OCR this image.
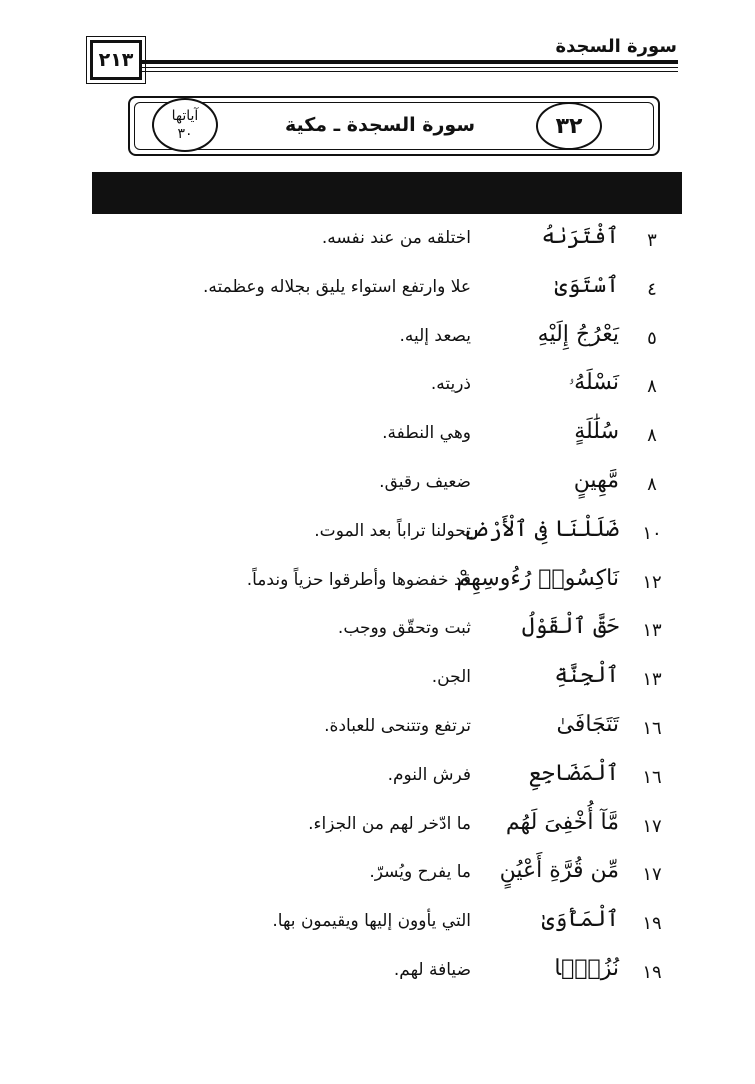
سورة السجدة
٢١٣
٣٢
سورة السجدة ـ مكية
آياتها
٣٠
٣
ٱفْتَرَىٰهُ
اختلقه من عند نفسه.
٤
ٱسْتَوَىٰ
علا وارتفع استواء يليق بجلاله وعظمته.
٥
يَعْرُجُ إِلَيْهِ
يصعد إليه.
٨
نَسْلَهُۥ
ذريته.
٨
سُلَٰلَةٍ
وهي النطفة.
٨
مَّهِينٍ
ضعيف رقيق.
١٠
ضَلَلْنَا فِى ٱلْأَرْضِ
تحولنا تراباً بعد الموت.
١٢
نَاكِسُوا۟ رُءُوسِهِمْ
قد خفضوها وأطرقوا حزياً وندماً.
١٣
حَقَّ ٱلْقَوْلُ
ثبت وتحقّق ووجب.
١٣
ٱلْجِنَّةِ
الجن.
١٦
تَتَجَافَىٰ
ترتفع وتتنحى للعبادة.
١٦
ٱلْمَضَاجِعِ
فرش النوم.
١٧
مَّآ أُخْفِىَ لَهُم
ما ادّخر لهم من الجزاء.
١٧
مِّن قُرَّةِ أَعْيُنٍ
ما يفرح ويُسرّ.
١٩
ٱلْمَأْوَىٰ
التي يأوون إليها ويقيمون بها.
١٩
نُزُلًۢا
ضيافة لهم.
